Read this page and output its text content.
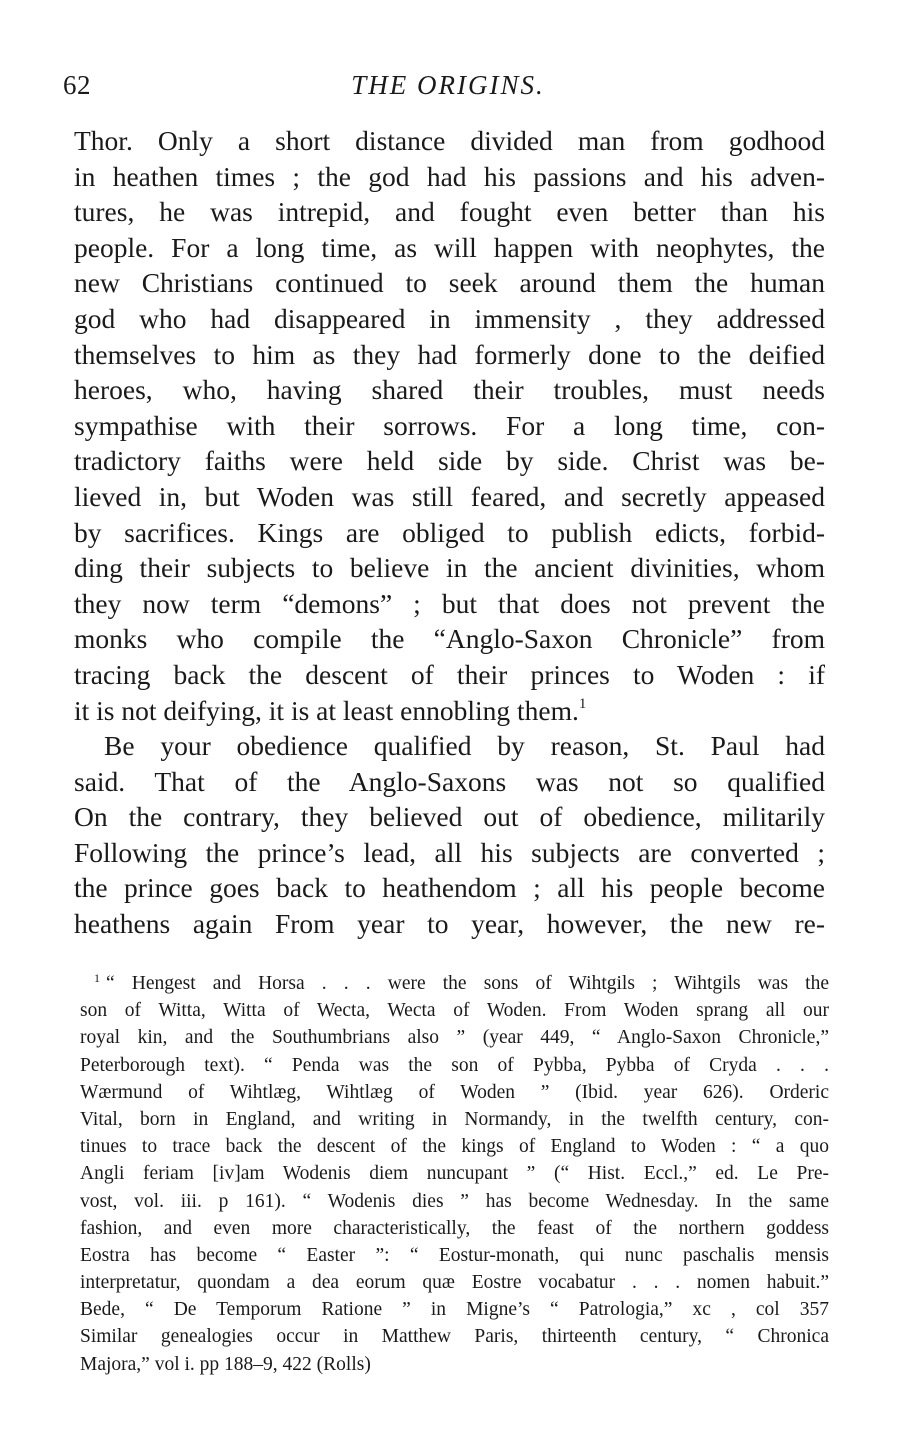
62	THE ORIGINS.
Thor. Only a short distance divided man from godhood
in heathen times ; the god had his passions and his adven-
tures, he was intrepid, and fought even better than his
people. For a long time, as will happen with neophytes, the
new Christians continued to seek around them the human
god who had disappeared in immensity , they addressed
themselves to him as they had formerly done to the deified
heroes, who, having shared their troubles, must needs
sympathise with their sorrows. For a long time, con-
tradictory faiths were held side by side. Christ was be-
lieved in, but Woden was still feared, and secretly appeased
by sacrifices. Kings are obliged to publish edicts, forbid-
ding their subjects to believe in the ancient divinities, whom
they now term “demons” ; but that does not prevent the
monks who compile the “Anglo-Saxon Chronicle” from
tracing back the descent of their princes to Woden : if
it is not deifying, it is at least ennobling them.$^1$
Be your obedience qualified by reason, St. Paul had
said. That of the Anglo-Saxons was not so qualified
On the contrary, they believed out of obedience, militarily
Following the prince’s lead, all his subjects are converted ;
the prince goes back to heathendom ; all his people become
heathens again From year to year, however, the new re-
$^1$ “ Hengest and Horsa . . . were the sons of Wihtgils ; Wihtgils was the
son of Witta, Witta of Wecta, Wecta of Woden. From Woden sprang all our
royal kin, and the Southumbrians also ” (year 449, “ Anglo-Saxon Chronicle,”
Peterborough text). “ Penda was the son of Pybba, Pybba of Cryda . . .
Wærmund of Wihtlæg, Wihtlæg of Woden ” (Ibid. year 626). Orderic
Vital, born in England, and writing in Normandy, in the twelfth century, con-
tinues to trace back the descent of the kings of England to Woden : “ a quo
Angli feriam [iv]am Wodenis diem nuncupant ” (“ Hist. Eccl.,” ed. Le Pre-
vost, vol. iii. p 161). “ Wodenis dies ” has become Wednesday. In the same
fashion, and even more characteristically, the feast of the northern goddess
Eostra has become “ Easter ”: “ Eostur-monath, qui nunc paschalis mensis
interpretatur, quondam a dea eorum quæ Eostre vocabatur . . . nomen habuit.”
Bede, “ De Temporum Ratione ” in Migne’s “ Patrologia,” xc , col 357
Similar genealogies occur in Matthew Paris, thirteenth century, “ Chronica
Majora,” vol i. pp 188–9, 422 (Rolls)
